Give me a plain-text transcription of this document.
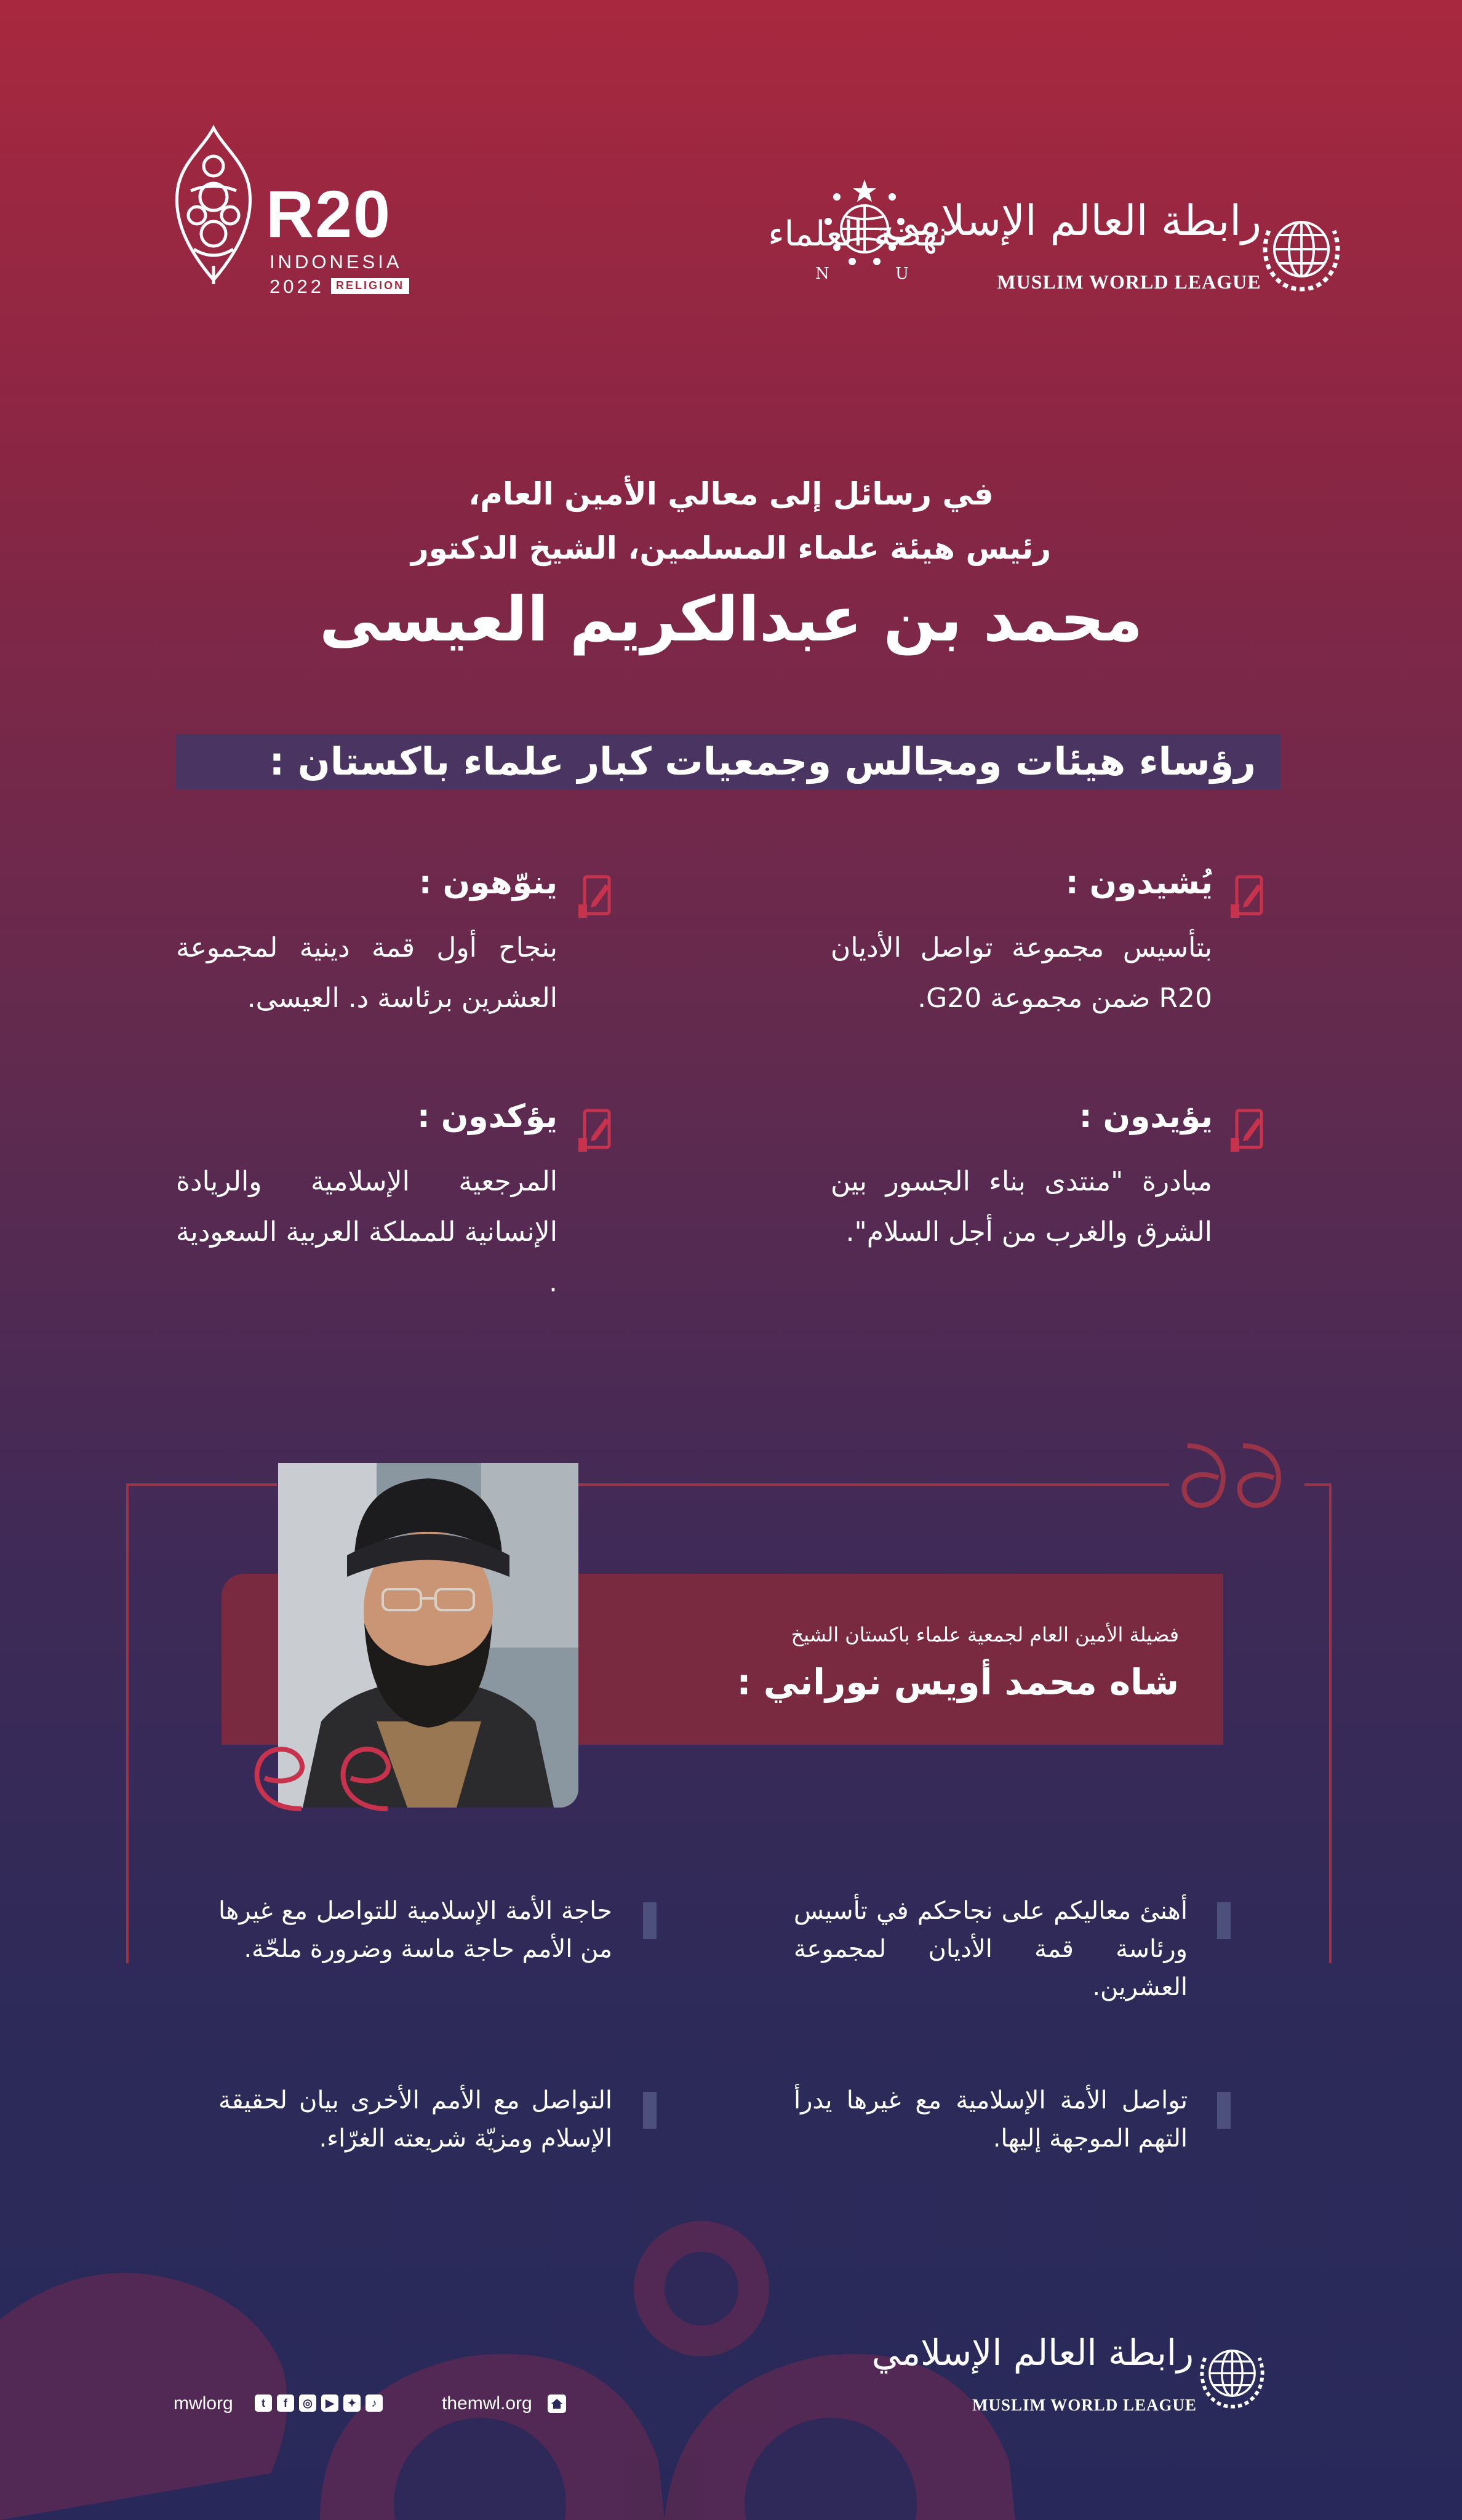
R20
INDONESIA
2022	RELIGION
نهضة العلماء
N	U
رابطة العالم الإسلامي
MUSLIM WORLD LEAGUE
في رسائل إلى معالي الأمين العام،
رئيس هيئة علماء المسلمين، الشيخ الدكتور
محمد بن عبدالكريم العيسى
رؤساء هيئات ومجالس وجمعيات كبار علماء باكستان :
يُشيدون :
بتأسيس مجموعة تواصل الأديان R20 ضمن مجموعة G20.
يؤيدون :
مبادرة "منتدى بناء الجسور بين الشرق والغرب من أجل السلام".
ينوّهون :
بنجاح أول قمة دينية لمجموعة العشرين برئاسة د. العيسى.
يؤكدون :
المرجعية الإسلامية والريادة الإنسانية للمملكة العربية السعودية .
فضيلة الأمين العام لجمعية علماء باكستان الشيخ
شاه محمد أويس نوراني :
أهنئ معاليكم على نجاحكم في تأسيس ورئاسة قمة الأديان لمجموعة العشرين.
حاجة الأمة الإسلامية للتواصل مع غيرها من الأمم حاجة ماسة وضرورة ملحّة.
تواصل الأمة الإسلامية مع غيرها يدرأ التهم الموجهة إليها.
التواصل مع الأمم الأخرى بيان لحقيقة الإسلام ومزيّة شريعته الغرّاء.
رابطة العالم الإسلامي
MUSLIM WORLD LEAGUE
mwlorg	t	f	◎	▶	✦	♪	themwl.org
